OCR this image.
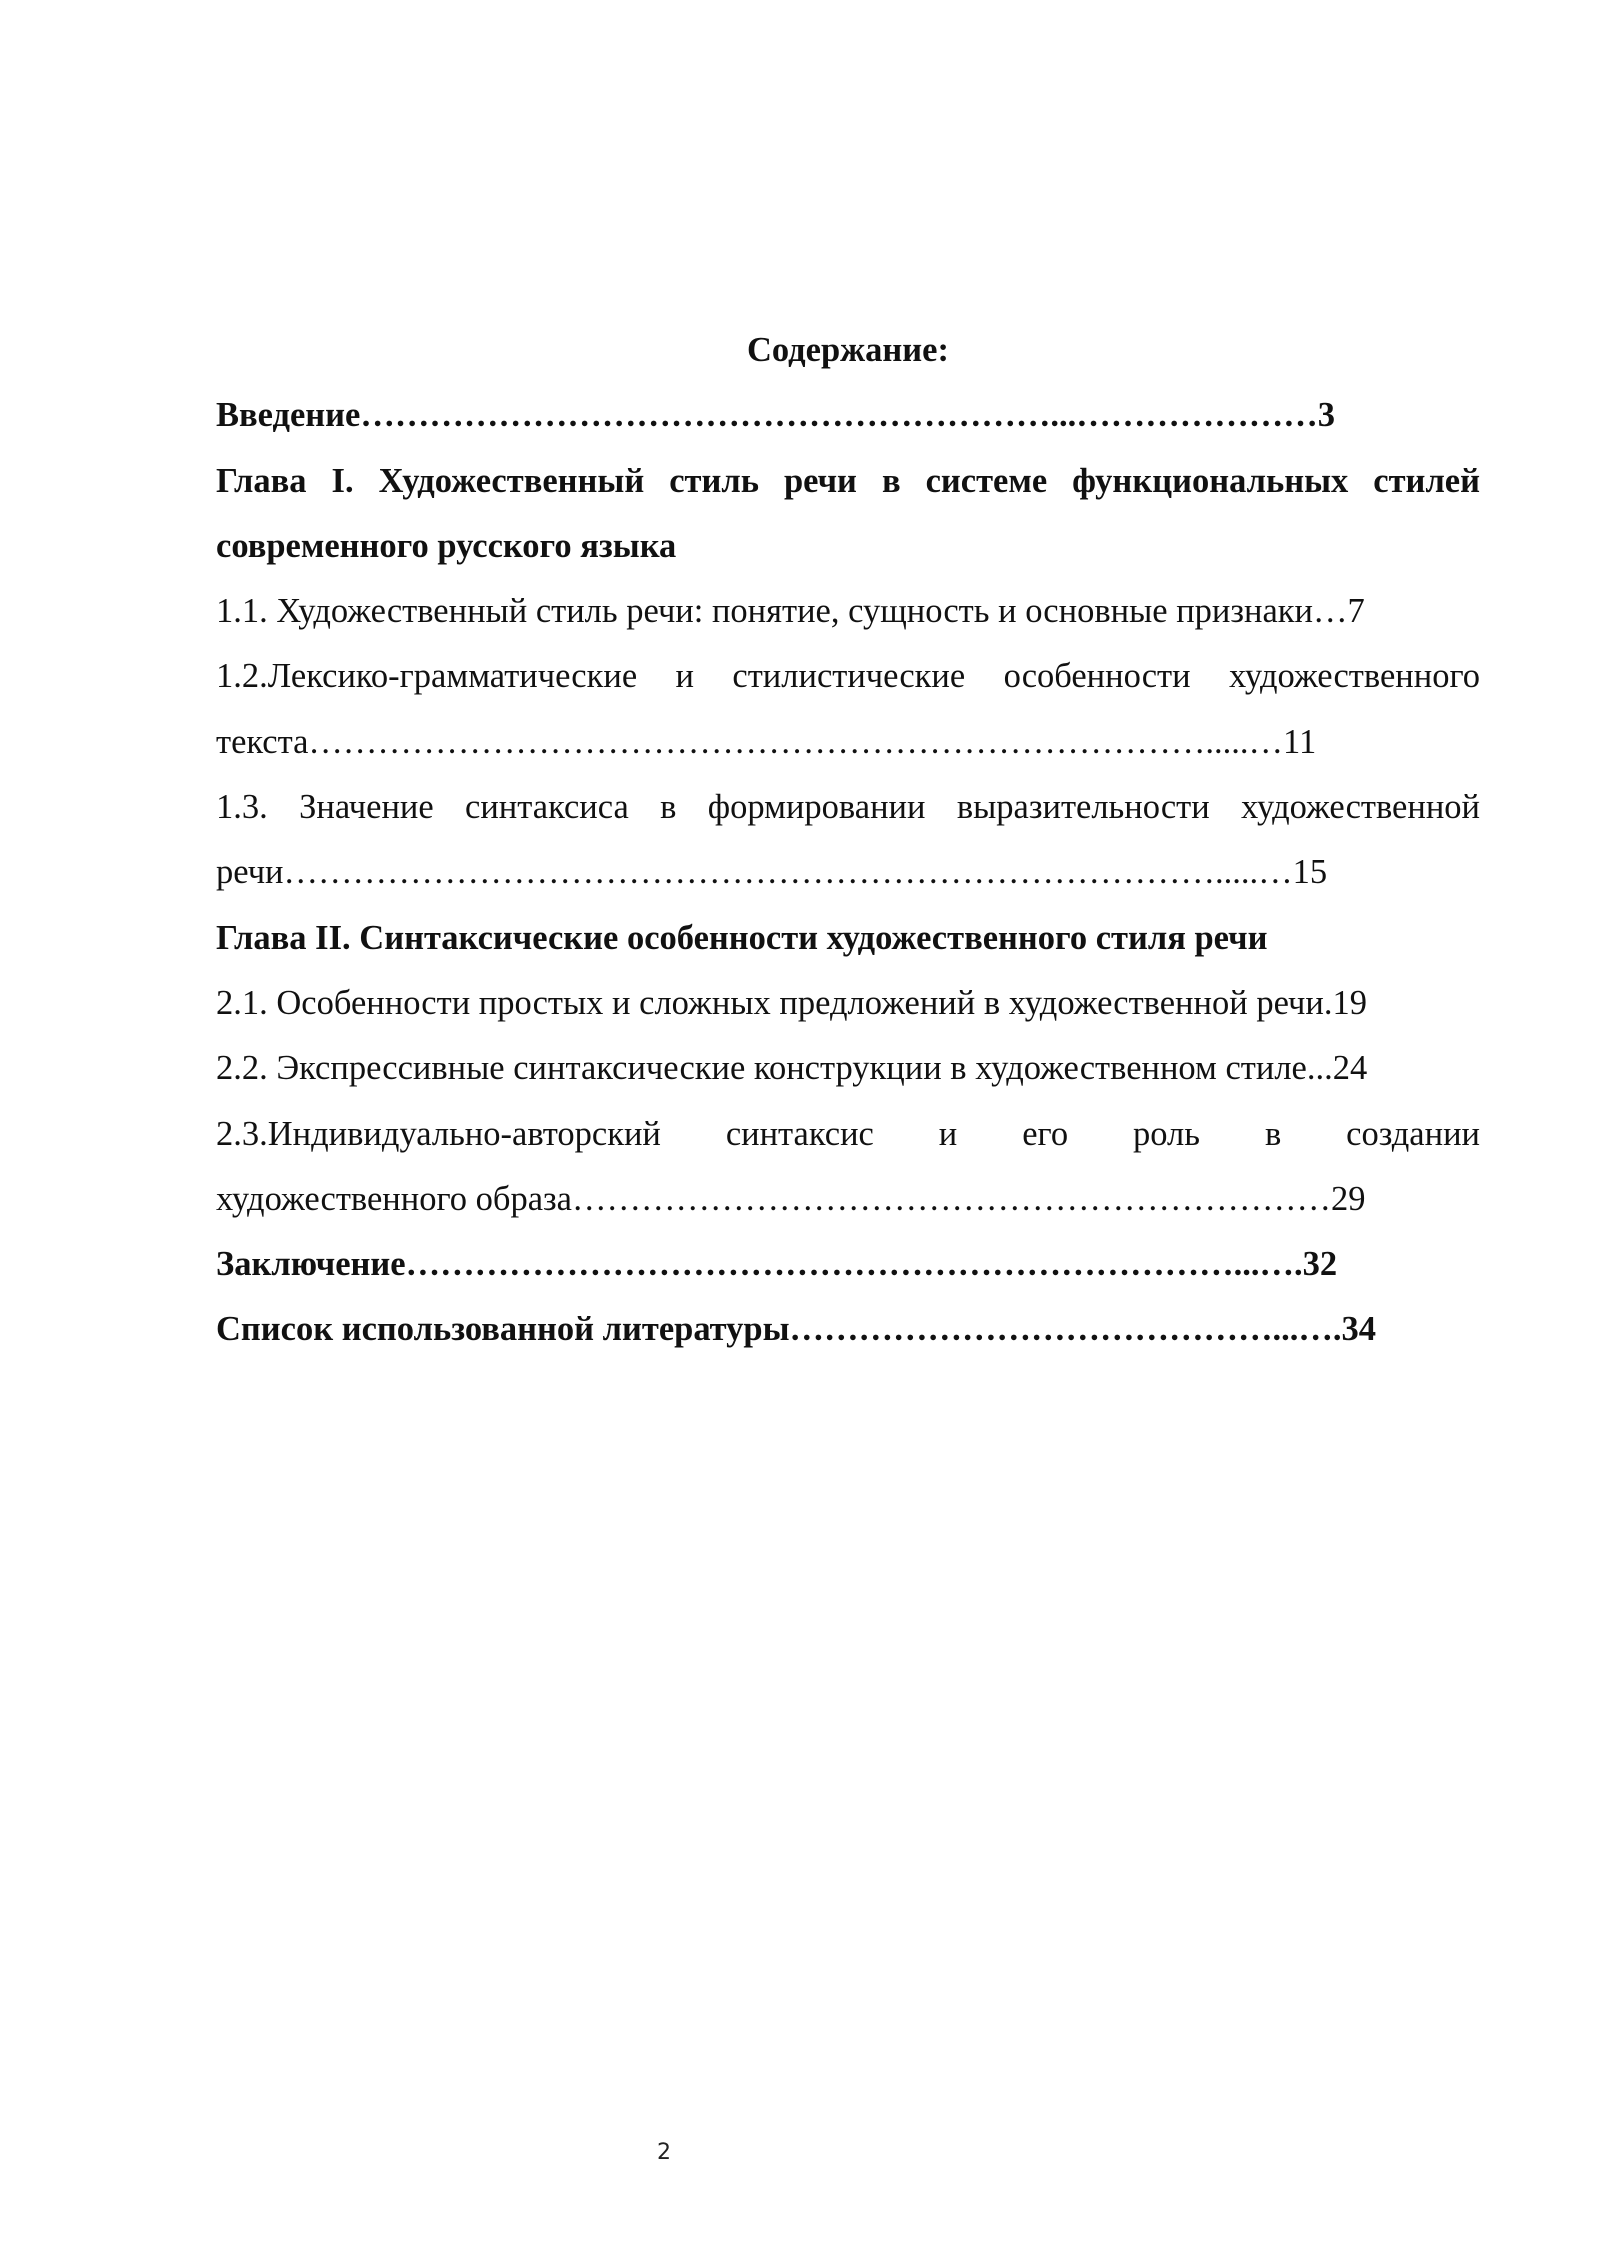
Содержание:

Введение……………………………………………………...…………………3

Глава I. Художественный стиль речи в системе функциональных стилей

современного русского языка

1.1. Художественный стиль речи: понятие, сущность и основные признаки…7

1.2.Лексико-грамматические и стилистические особенности художественного

текста…………………………………………………………………….....…11

1.3. Значение синтаксиса в формировании выразительности художественной

речи……………………………………………………………………….....…15

Глава II. Синтаксические особенности художественного стиля речи

2.1. Особенности простых и сложных предложений в художественной речи.19

2.2. Экспрессивные синтаксические конструкции в художественном стиле...24

2.3.Индивидуально-авторский синтаксис и его роль в создании

художественного образа…………………………………………………………29

Заключение………………………………………………………………...….32

Список использованной литературы……………………………………...….34

2
